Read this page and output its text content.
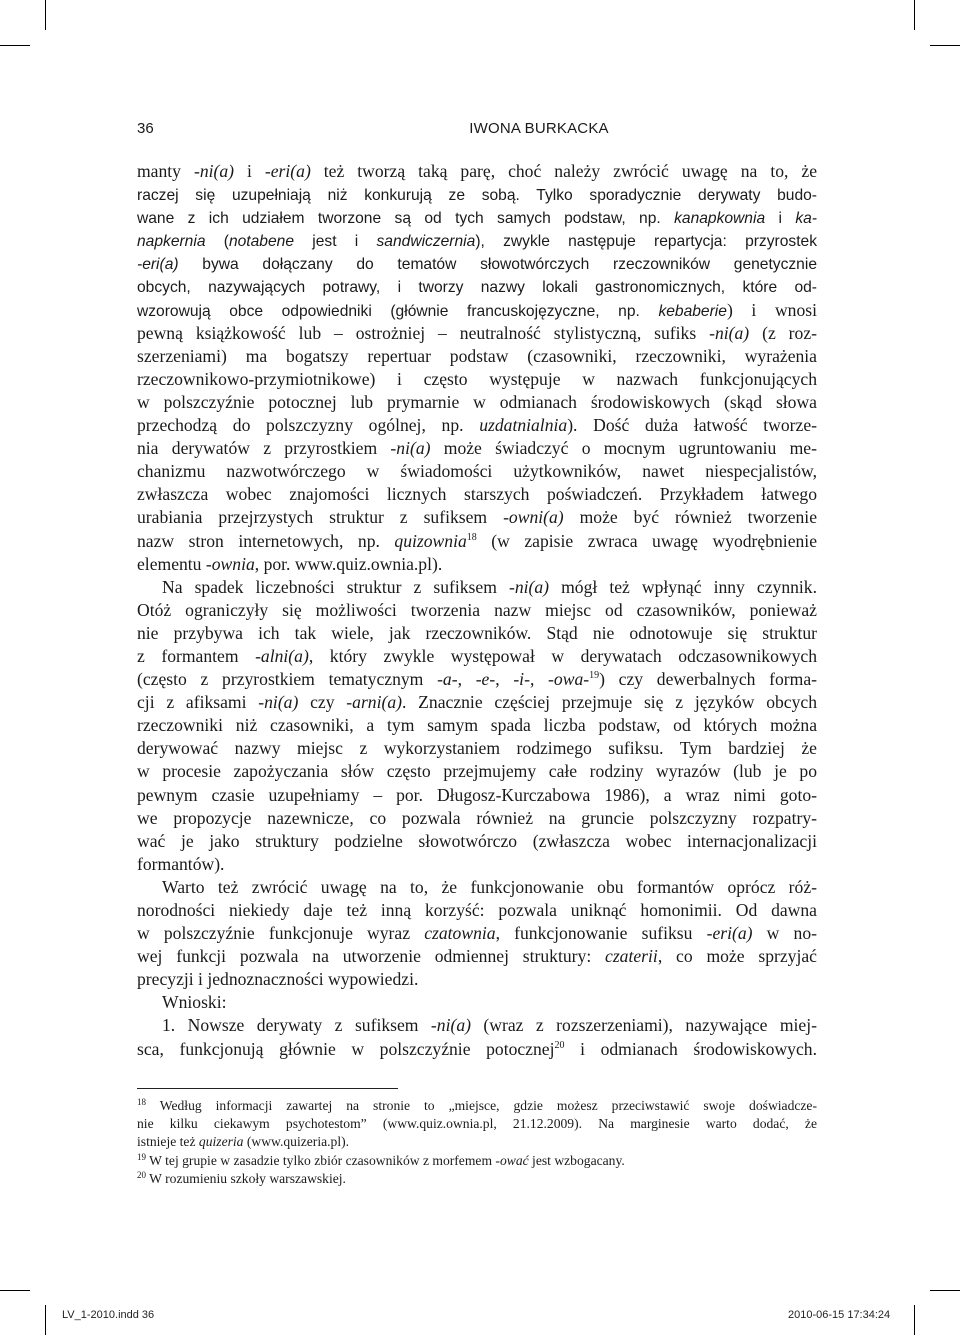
36	IWONA BURKACKA
manty -ni(a) i -eri(a) też tworzą taką parę, choć należy zwrócić uwagę na to, że
raczej się uzupełniają niż konkurują ze sobą. Tylko sporadycznie derywaty budo-
wane z ich udziałem tworzone są od tych samych podstaw, np. kanapkownia i ka-
napkernia (notabene jest i sandwiczernia), zwykle następuje repartycja: przyrostek
-eri(a) bywa dołączany do tematów słowotwórczych rzeczowników genetycznie
obcych, nazywających potrawy, i tworzy nazwy lokali gastronomicznych, które od-
wzorowują obce odpowiedniki (głównie francuskojęzyczne, np. kebaberie) i wnosi
pewną książkowość lub – ostrożniej – neutralność stylistyczną, sufiks -ni(a) (z roz-
szerzeniami) ma bogatszy repertuar podstaw (czasowniki, rzeczowniki, wyrażenia
rzeczownikowo-przymiotnikowe) i często występuje w nazwach funkcjonujących
w polszczyźnie potocznej lub prymarnie w odmianach środowiskowych (skąd słowa
przechodzą do polszczyzny ogólnej, np. uzdatnialnia). Dość duża łatwość tworze-
nia derywatów z przyrostkiem -ni(a) może świadczyć o mocnym ugruntowaniu me-
chanizmu nazwotwórczego w świadomości użytkowników, nawet niespecjalistów,
zwłaszcza wobec znajomości licznych starszych poświadczeń. Przykładem łatwego
urabiania przejrzystych struktur z sufiksem -owni(a) może być również tworzenie
nazw stron internetowych, np. quizownia$^{18}$ (w zapisie zwraca uwagę wyodrębnienie
elementu -ownia, por. www.quiz.ownia.pl).
Na spadek liczebności struktur z sufiksem -ni(a) mógł też wpłynąć inny czynnik.
Otóż ograniczyły się możliwości tworzenia nazw miejsc od czasowników, ponieważ
nie przybywa ich tak wiele, jak rzeczowników. Stąd nie odnotowuje się struktur
z formantem -alni(a), który zwykle występował w derywatach odczasownikowych
(często z przyrostkiem tematycznym -a-, -e-, -i-, -owa-$^{19}$) czy dewerbalnych forma-
cji z afiksami -ni(a) czy -arni(a). Znacznie częściej przejmuje się z języków obcych
rzeczowniki niż czasowniki, a tym samym spada liczba podstaw, od których można
derywować nazwy miejsc z wykorzystaniem rodzimego sufiksu. Tym bardziej że
w procesie zapożyczania słów często przejmujemy całe rodziny wyrazów (lub je po
pewnym czasie uzupełniamy – por. Długosz-Kurczabowa 1986), a wraz nimi goto-
we propozycje nazewnicze, co pozwala również na gruncie polszczyzny rozpatry-
wać je jako struktury podzielne słowotwórczo (zwłaszcza wobec internacjonalizacji
formantów).
Warto też zwrócić uwagę na to, że funkcjonowanie obu formantów oprócz róż-
norodności niekiedy daje też inną korzyść: pozwala uniknąć homonimii. Od dawna
w polszczyźnie funkcjonuje wyraz czatownia, funkcjonowanie sufiksu -eri(a) w no-
wej funkcji pozwala na utworzenie odmiennej struktury: czaterii, co może sprzyjać
precyzji i jednoznaczności wypowiedzi.
Wnioski:
1. Nowsze derywaty z sufiksem -ni(a) (wraz z rozszerzeniami), nazywające miej-
sca, funkcjonują głównie w polszczyźnie potocznej$^{20}$ i odmianach środowiskowych.
$^{18}$ Według informacji zawartej na stronie to „miejsce, gdzie możesz przeciwstawić swoje doświadcze-
nie kilku ciekawym psychotestom” (www.quiz.ownia.pl, 21.12.2009). Na marginesie warto dodać, że
istnieje też quizeria (www.quizeria.pl).
$^{19}$ W tej grupie w zasadzie tylko zbiór czasowników z morfemem -ować jest wzbogacany.
$^{20}$ W rozumieniu szkoły warszawskiej.
LV_1-2010.indd 36	2010-06-15 17:34:24
